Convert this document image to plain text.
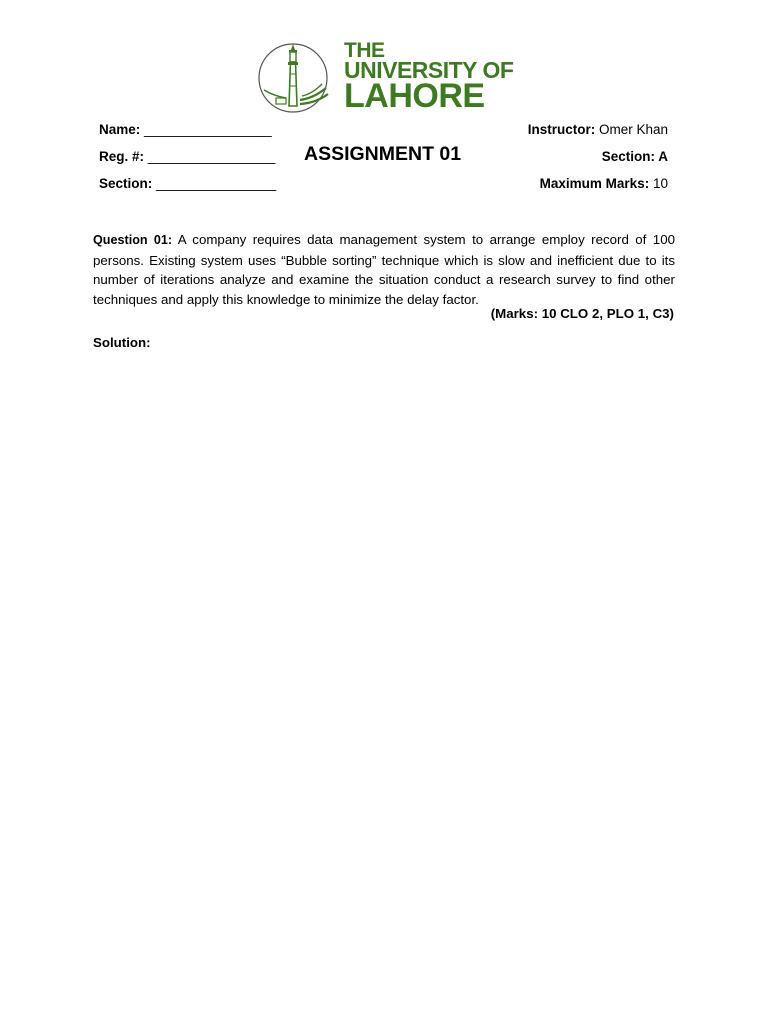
THE
UNIVERSITY OF
LAHORE
Name: _________________
Reg. #: _________________
Section: ________________
ASSIGNMENT 01
Instructor: Omer Khan
Section: A
Maximum Marks: 10
Question 01: A company requires data management system to arrange employ record of 100 persons. Existing system uses “Bubble sorting” technique which is slow and inefficient due to its number of iterations analyze and examine the situation conduct a research survey to find other techniques and apply this knowledge to minimize the delay factor.
(Marks: 10 CLO 2, PLO 1, C3)
Solution:
